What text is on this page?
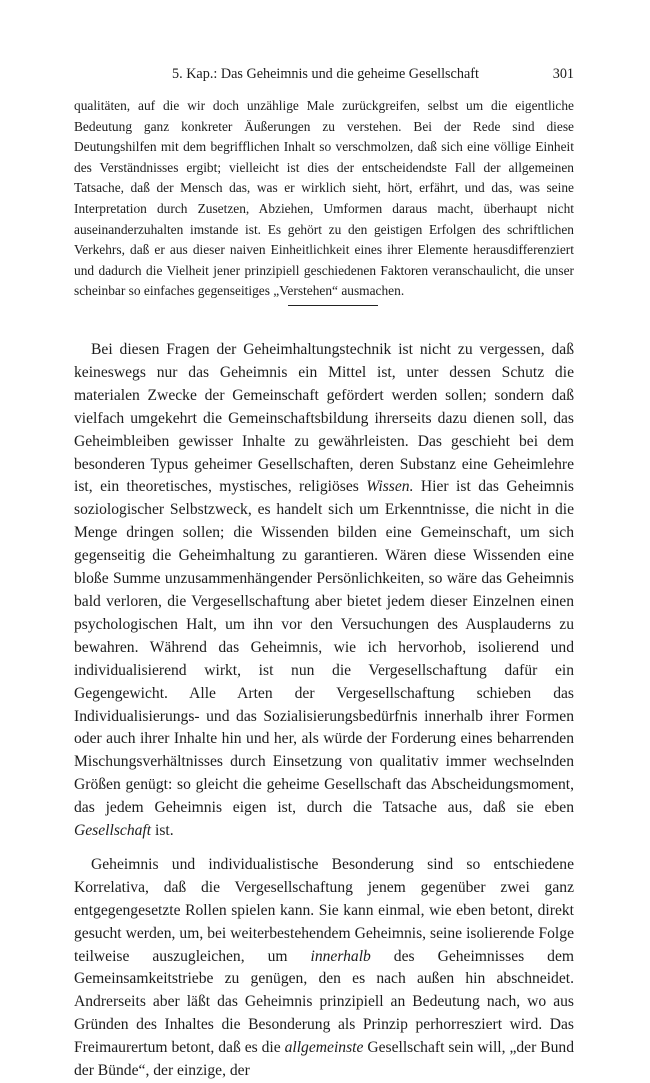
5. Kap.: Das Geheimnis und die geheime Gesellschaft	301

qualitäten, auf die wir doch unzählige Male zurückgreifen, selbst um die eigentliche Bedeutung ganz konkreter Äußerungen zu verstehen. Bei der Rede sind diese Deutungshilfen mit dem begrifflichen Inhalt so verschmolzen, daß sich eine völlige Einheit des Verständnisses ergibt; vielleicht ist dies der entscheidendste Fall der allgemeinen Tatsache, daß der Mensch das, was er wirklich sieht, hört, erfährt, und das, was seine Interpretation durch Zusetzen, Abziehen, Umformen daraus macht, überhaupt nicht auseinanderzuhalten imstande ist. Es gehört zu den geistigen Erfolgen des schriftlichen Verkehrs, daß er aus dieser naiven Einheitlichkeit eines ihrer Elemente herausdifferenziert und dadurch die Vielheit jener prinzipiell geschiedenen Faktoren veranschaulicht, die unser scheinbar so einfaches gegenseitiges „Verstehen“ ausmachen.

Bei diesen Fragen der Geheimhaltungstechnik ist nicht zu vergessen, daß keineswegs nur das Geheimnis ein Mittel ist, unter dessen Schutz die materialen Zwecke der Gemeinschaft gefördert werden sollen; sondern daß vielfach umgekehrt die Gemeinschaftsbildung ihrerseits dazu dienen soll, das Geheimbleiben gewisser Inhalte zu gewährleisten. Das geschieht bei dem besonderen Typus geheimer Gesellschaften, deren Substanz eine Geheimlehre ist, ein theoretisches, mystisches, religiöses Wissen. Hier ist das Geheimnis soziologischer Selbstzweck, es handelt sich um Erkenntnisse, die nicht in die Menge dringen sollen; die Wissenden bilden eine Gemeinschaft, um sich gegenseitig die Geheimhaltung zu garantieren. Wären diese Wissenden eine bloße Summe unzusammenhängender Persönlichkeiten, so wäre das Geheimnis bald verloren, die Vergesellschaftung aber bietet jedem dieser Einzelnen einen psychologischen Halt, um ihn vor den Versuchungen des Ausplauderns zu bewahren. Während das Geheimnis, wie ich hervorhob, isolierend und individualisierend wirkt, ist nun die Vergesellschaftung dafür ein Gegengewicht. Alle Arten der Vergesellschaftung schieben das Individualisierungs- und das Sozialisierungsbedürfnis innerhalb ihrer Formen oder auch ihrer Inhalte hin und her, als würde der Forderung eines beharrenden Mischungsverhältnisses durch Einsetzung von qualitativ immer wechselnden Größen genügt: so gleicht die geheime Gesellschaft das Abscheidungsmoment, das jedem Geheimnis eigen ist, durch die Tatsache aus, daß sie eben Gesellschaft ist.

Geheimnis und individualistische Besonderung sind so entschiedene Korrelativa, daß die Vergesellschaftung jenem gegenüber zwei ganz entgegengesetzte Rollen spielen kann. Sie kann einmal, wie eben betont, direkt gesucht werden, um, bei weiterbestehendem Geheimnis, seine isolierende Folge teilweise auszugleichen, um innerhalb des Geheimnisses dem Gemeinsamkeitstriebe zu genügen, den es nach außen hin abschneidet. Andrerseits aber läßt das Geheimnis prinzipiell an Bedeutung nach, wo aus Gründen des Inhaltes die Besonderung als Prinzip perhorresziert wird. Das Freimaurertum betont, daß es die allgemeinste Gesellschaft sein will, „der Bund der Bünde“, der einzige, der
